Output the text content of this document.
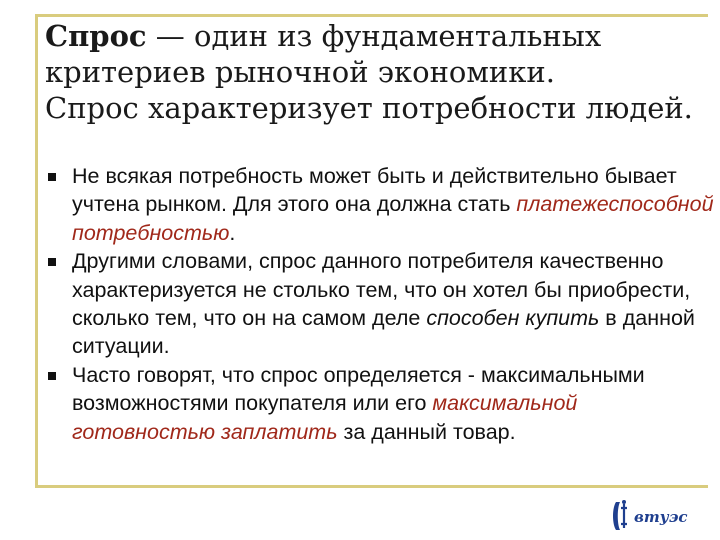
Спрос — один из фундаментальных
критериев рыночной экономики.
Спрос характеризует потребности людей.
Не всякая потребность может быть и действительно бывает учтена рынком. Для этого она должна стать платежеспособной потребностью.
Другими словами, спрос данного потребителя качественно характеризуется не столько тем, что он хотел бы приобрести, сколько тем, что он на самом деле способен купить в данной ситуации.
Часто говорят, что спрос определяется - максимальными возможностями покупателя или его максимальной готовностью заплатить за данный товар.
втуэс
